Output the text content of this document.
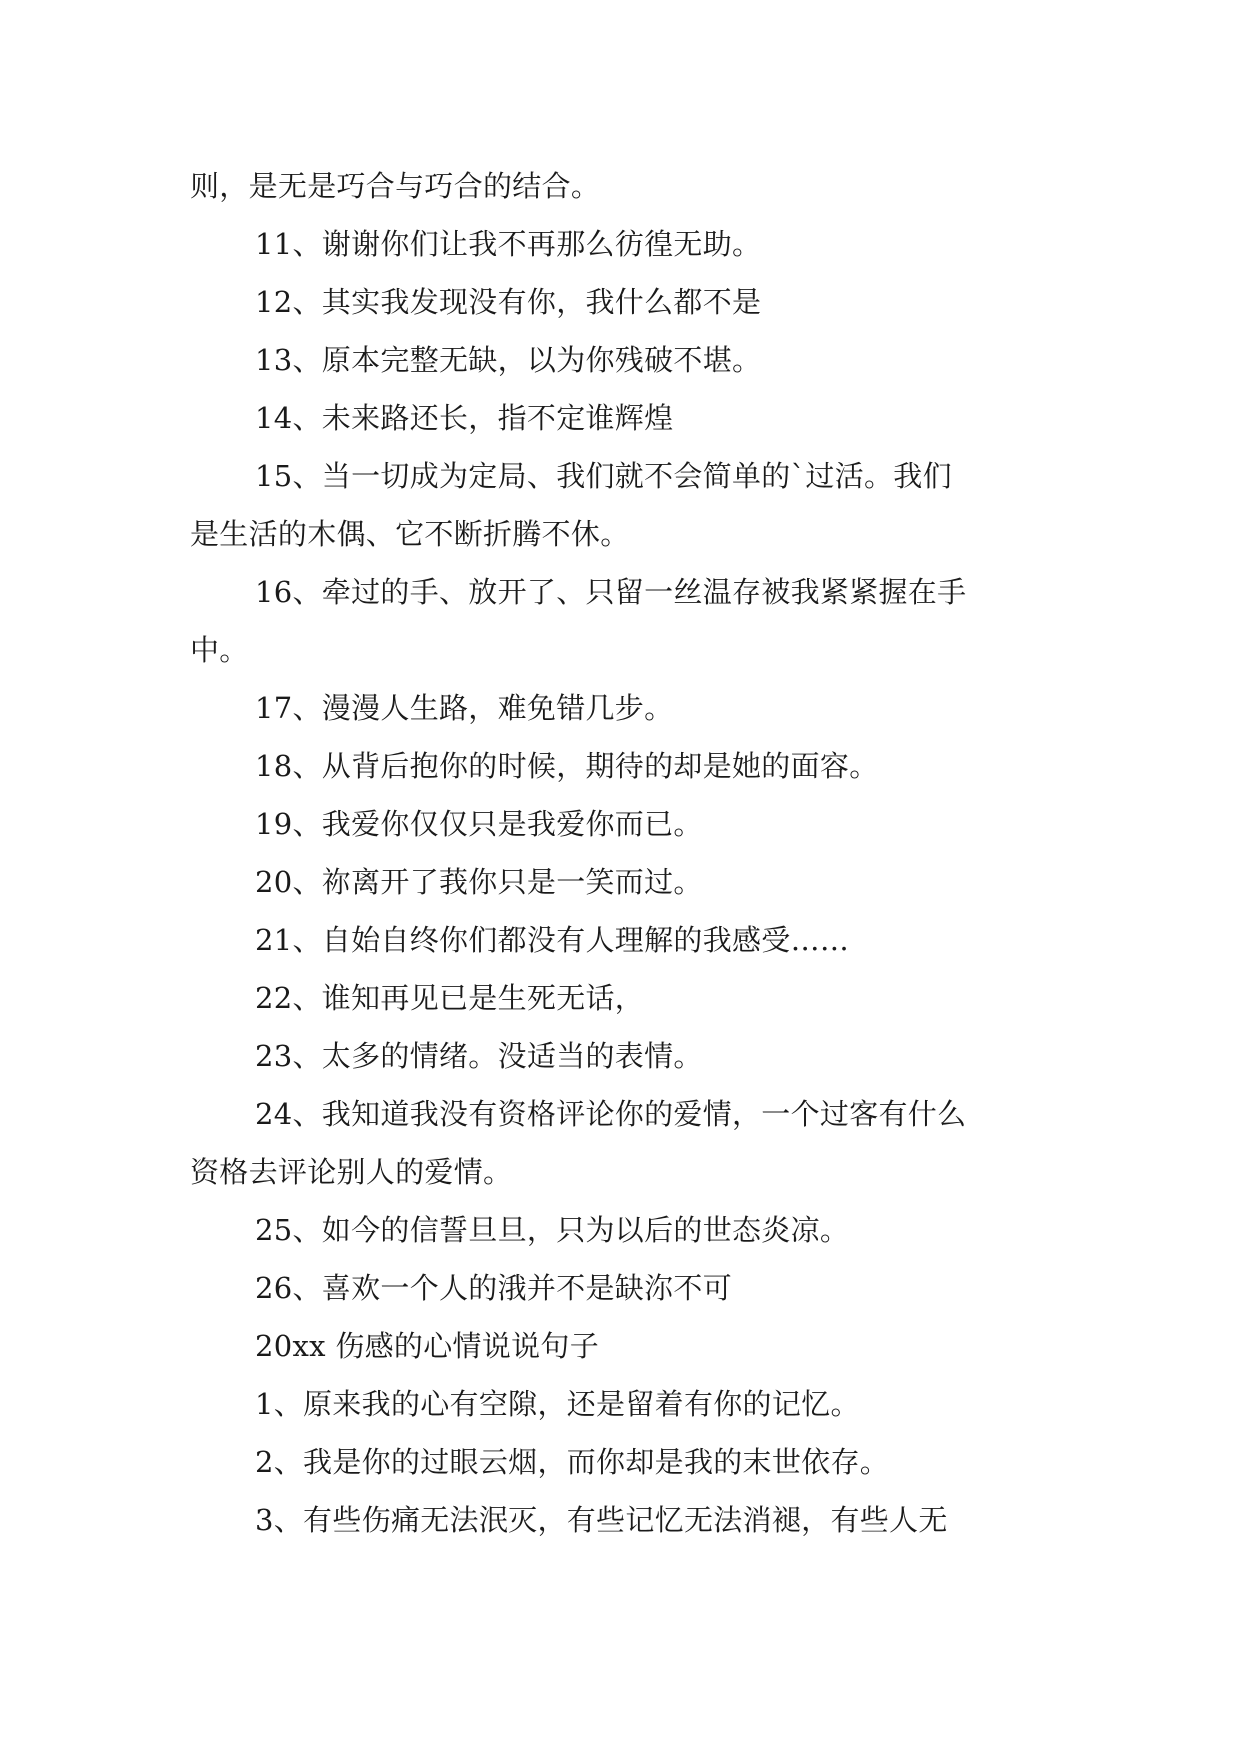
则，是无是巧合与巧合的结合。
11、谢谢你们让我不再那么彷徨无助。
12、其实我发现没有你，我什么都不是
13、原本完整无缺，以为你残破不堪。
14、未来路还长，指不定谁辉煌
15、当一切成为定局、我们就不会简单的`过活。我们
是生活的木偶、它不断折腾不休。
16、牵过的手、放开了、只留一丝温存被我紧紧握在手
中。
17、漫漫人生路，难免错几步。
18、从背后抱你的时候，期待的却是她的面容。
19、我爱你仅仅只是我爱你而已。
20、祢离开了莪你只是一笑而过。
21、自始自终你们都没有人理解的我感受……
22、谁知再见已是生死无话，
23、太多的情绪。没适当的表情。
24、我知道我没有资格评论你的爱情，一个过客有什么
资格去评论别人的爱情。
25、如今的信誓旦旦，只为以后的世态炎凉。
26、喜欢一个人的涐并不是缺沵不可
20xx 伤感的心情说说句子
1、原来我的心有空隙，还是留着有你的记忆。
2、我是你的过眼云烟，而你却是我的末世依存。
3、有些伤痛无法泯灭，有些记忆无法消褪，有些人无
